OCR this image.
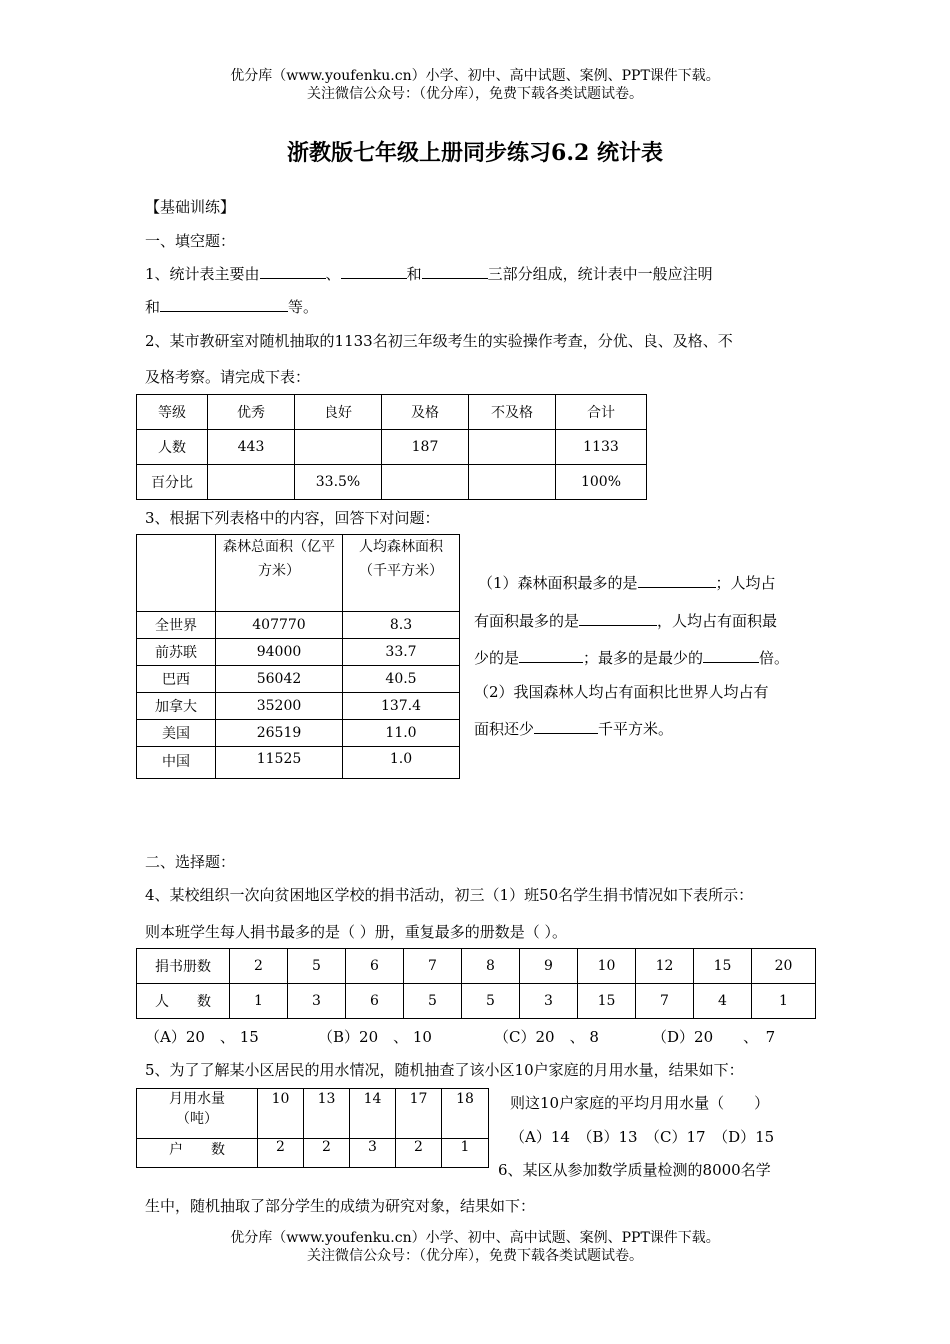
优分库（www.youfenku.cn）小学、初中、高中试题、案例、PPT课件下载。
关注微信公众号：（优分库），免费下载各类试题试卷。
浙教版七年级上册同步练习6.2 统计表
【基础训练】
一、填空题：
1、统计表主要由	、	和	三部分组成，统计表中一般应注明
和	等。
2、某市教研室对随机抽取的1133名初三年级考生的实验操作考查，分优、良、及格、不
及格考察。请完成下表：
等级	优秀	良好	及格	不及格	合计
人数	443		187		1133
百分比		33.5%			100%
3、根据下列表格中的内容，回答下对问题：
	森林总面积（亿平方米）	人均森林面积（千平方米）
全世界	407770	8.3
前苏联	94000	33.7
巴西	56042	40.5
加拿大	35200	137.4
美国	26519	11.0
中国	11525	1.0
（1）森林面积最多的是	；人均占
有面积最多的是	，人均占有面积最
少的是	；最多的是最少的	倍。
（2）我国森林人均占有面积比世界人均占有
面积还少	千平方米。
二、选择题：
4、某校组织一次向贫困地区学校的捐书活动，初三（1）班50名学生捐书情况如下表所示：
则本班学生每人捐书最多的是（ ）册，重复最多的册数是（ ）。
捐书册数	2	5	6	7	8	9	10	12	15	20
人　　数	1	3	6	5	5	3	15	7	4	1
（A）20　、 15	（B）20　、 10	（C）20　、 8	（D）20　　、　7
5、为了了解某小区居民的用水情况，随机抽查了该小区10户家庭的月用水量，结果如下：
月用水量
（吨）	10	13	14	17	18
户　　数	2	2	3	2	1
则这10户家庭的平均月用水量（　　）
（A）14　（B）13　（C）17　（D）15
6、某区从参加数学质量检测的8000名学
生中，随机抽取了部分学生的成绩为研究对象，结果如下：
优分库（www.youfenku.cn）小学、初中、高中试题、案例、PPT课件下载。
关注微信公众号：（优分库），免费下载各类试题试卷。
